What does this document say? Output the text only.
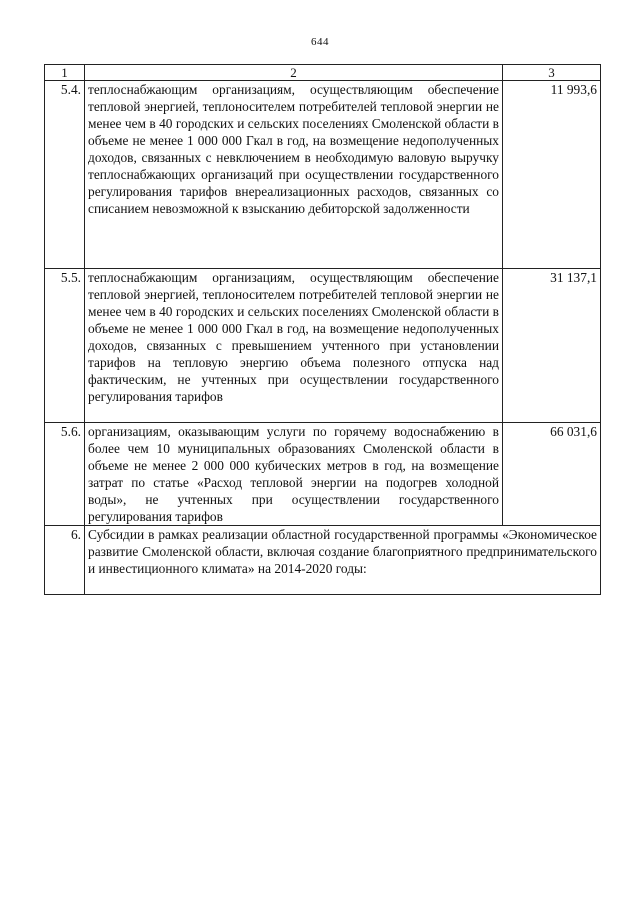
644
1	2	3
5.4.	теплоснабжающим организациям, осуществляющим обеспечение тепловой энергией, теплоносителем потребителей тепловой энергии не менее чем в 40 городских и сельских поселениях Смоленской области в объеме не менее 1 000 000 Гкал в год, на возмещение недополученных доходов, связанных с невключением в необходимую валовую выручку теплоснабжающих организаций при осуществлении государственного регулирования тарифов внереализационных расходов, связанных со списанием невозможной к взысканию дебиторской задолженности	11 993,6
5.5.	теплоснабжающим организациям, осуществляющим обеспечение тепловой энергией, теплоносителем потребителей тепловой энергии не менее чем в 40 городских и сельских поселениях Смоленской области в объеме не менее 1 000 000 Гкал в год, на возмещение недополученных доходов, связанных с превышением учтенного при установлении тарифов на тепловую энергию объема полезного отпуска над фактическим, не учтенных при осуществлении государственного регулирования тарифов	31 137,1
5.6.	организациям, оказывающим услуги по горячему водоснабжению в более чем 10 муниципальных образованиях Смоленской области в объеме не менее 2 000 000 кубических метров в год, на возмещение затрат по статье «Расход тепловой энергии на подогрев холодной воды», не учтенных при осуществлении государственного регулирования тарифов	66 031,6
6.	Субсидии в рамках реализации областной государственной программы «Экономическое развитие Смоленской области, включая создание благоприятного предпринимательского и инвестиционного климата» на 2014-2020 годы:	
